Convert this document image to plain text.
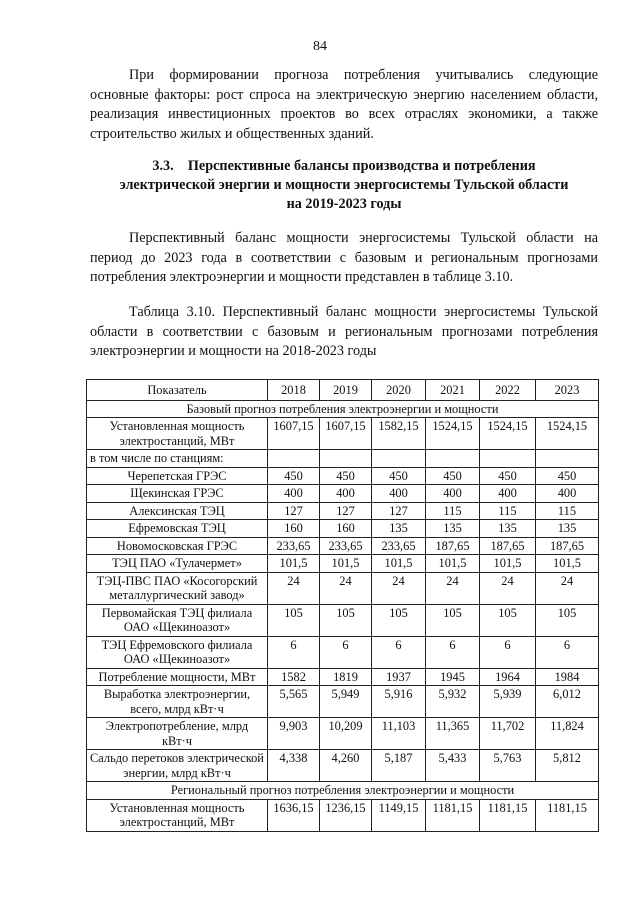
84

При формировании прогноза потребления учитывались следующие основные факторы: рост спроса на электрическую энергию населением области, реализация инвестиционных проектов во всех отраслях экономики, а также строительство жилых и общественных зданий.

3.3. Перспективные балансы производства и потребления
электрической энергии и мощности энергосистемы Тульской области
на 2019-2023 годы

Перспективный баланс мощности энергосистемы Тульской области на период до 2023 года в соответствии с базовым и региональным прогнозами потребления электроэнергии и мощности представлен в таблице 3.10.

Таблица 3.10. Перспективный баланс мощности энергосистемы Тульской области в соответствии с базовым и региональным прогнозами потребления электроэнергии и мощности на 2018-2023 годы

Показатель	2018	2019	2020	2021	2022	2023
Базовый прогноз потребления электроэнергии и мощности						
Установленная мощность электростанций, МВт	1607,15	1607,15	1582,15	1524,15	1524,15	1524,15
в том числе по станциям:						
Черепетская ГРЭС	450	450	450	450	450	450
Щекинская ГРЭС	400	400	400	400	400	400
Алексинская ТЭЦ	127	127	127	115	115	115
Ефремовская ТЭЦ	160	160	135	135	135	135
Новомосковская ГРЭС	233,65	233,65	233,65	187,65	187,65	187,65
ТЭЦ ПАО «Тулачермет»	101,5	101,5	101,5	101,5	101,5	101,5
ТЭЦ-ПВС ПАО «Косогорский металлургический завод»	24	24	24	24	24	24
Первомайская ТЭЦ филиала ОАО «Щекиноазот»	105	105	105	105	105	105
ТЭЦ Ефремовского филиала ОАО «Щекиноазот»	6	6	6	6	6	6
Потребление мощности, МВт	1582	1819	1937	1945	1964	1984
Выработка электроэнергии, всего, млрд кВт·ч	5,565	5,949	5,916	5,932	5,939	6,012
Электропотребление, млрд кВт·ч	9,903	10,209	11,103	11,365	11,702	11,824
Сальдо перетоков электрической энергии, млрд кВт·ч	4,338	4,260	5,187	5,433	5,763	5,812
Региональный прогноз потребления электроэнергии и мощности						
Установленная мощность электростанций, МВт	1636,15	1236,15	1149,15	1181,15	1181,15	1181,15
